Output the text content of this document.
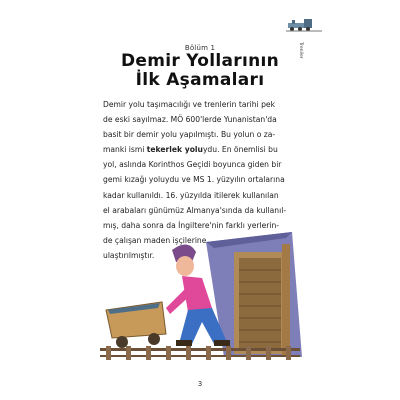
Treniler
Bölüm 1
Demir Yollarının
İlk Aşamaları
Demir yolu taşımacılığı ve trenlerin tarihi pek
de eski sayılmaz. MÖ 600'lerde Yunanistan'da
basit bir demir yolu yapılmıştı. Bu yolun o za-
manki ismi tekerlek yoluydu. En önemlisi bu
yol, aslında Korinthos Geçidi boyunca giden bir
gemi kızağı yoluydu ve MS 1. yüzyılın ortalarına
kadar kullanıldı. 16. yüzyılda itilerek kullanılan
el arabaları günümüz Almanya'sında da kullanıl-
mış, daha sonra da İngiltere'nin farklı yerlerin-
de çalışan maden işçilerine
ulaştırılmıştır.
3
